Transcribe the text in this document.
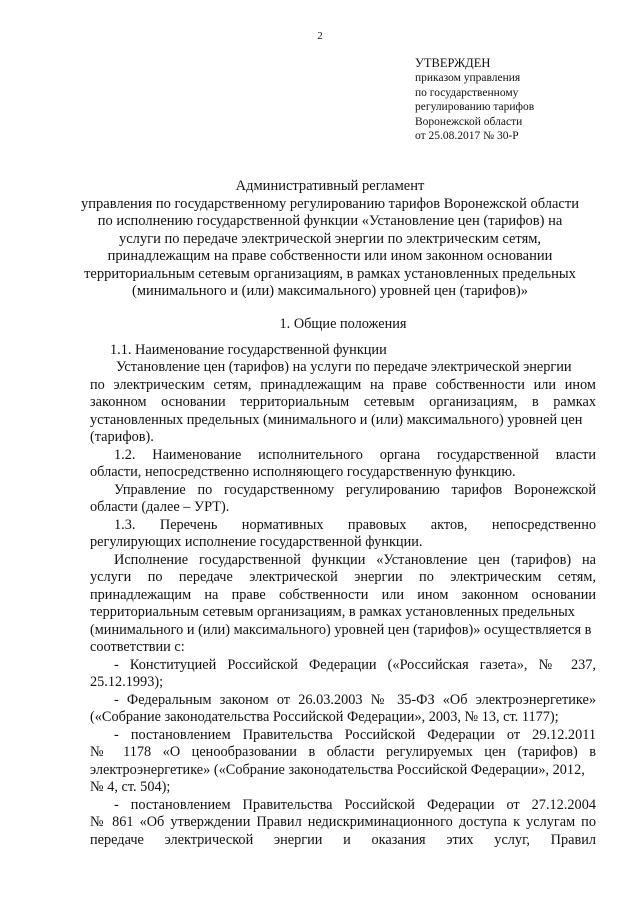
2
УТВЕРЖДЕН
приказом управления
по государственному
регулированию тарифов
Воронежской области
от 25.08.2017 № 30-Р
Административный регламент
управления по государственному регулированию тарифов Воронежской области
по исполнению государственной функции «Установление цен (тарифов) на
услуги по передаче электрической энергии по электрическим сетям,
принадлежащим на праве собственности или ином законном основании
территориальным сетевым организациям, в рамках установленных предельных
(минимального и (или) максимального) уровней цен (тарифов)»
1. Общие положения
1.1. Наименование государственной функции
Установление цен (тарифов) на услуги по передаче электрической энергии
по электрическим сетям, принадлежащим на праве собственности или ином
законном основании территориальным сетевым организациям, в рамках
установленных предельных (минимального и (или) максимального) уровней цен
(тарифов).
1.2. Наименование исполнительного органа государственной власти
области, непосредственно исполняющего государственную функцию.
Управление по государственному регулированию тарифов Воронежской
области (далее – УРТ).
1.3. Перечень нормативных правовых актов, непосредственно
регулирующих исполнение государственной функции.
Исполнение государственной функции «Установление цен (тарифов) на
услуги по передаче электрической энергии по электрическим сетям,
принадлежащим на праве собственности или ином законном основании
территориальным сетевым организациям, в рамках установленных предельных
(минимального и (или) максимального) уровней цен (тарифов)» осуществляется в
соответствии с:
- Конституцией Российской Федерации («Российская газета», № 237,
25.12.1993);
- Федеральным законом от 26.03.2003 № 35-ФЗ «Об электроэнергетике»
(«Собрание законодательства Российской Федерации», 2003, № 13, ст. 1177);
- постановлением Правительства Российской Федерации от 29.12.2011
№ 1178 «О ценообразовании в области регулируемых цен (тарифов) в
электроэнергетике» («Собрание законодательства Российской Федерации», 2012,
№ 4, ст. 504);
- постановлением Правительства Российской Федерации от 27.12.2004
№ 861 «Об утверждении Правил недискриминационного доступа к услугам по
передаче электрической энергии и оказания этих услуг, Правил
